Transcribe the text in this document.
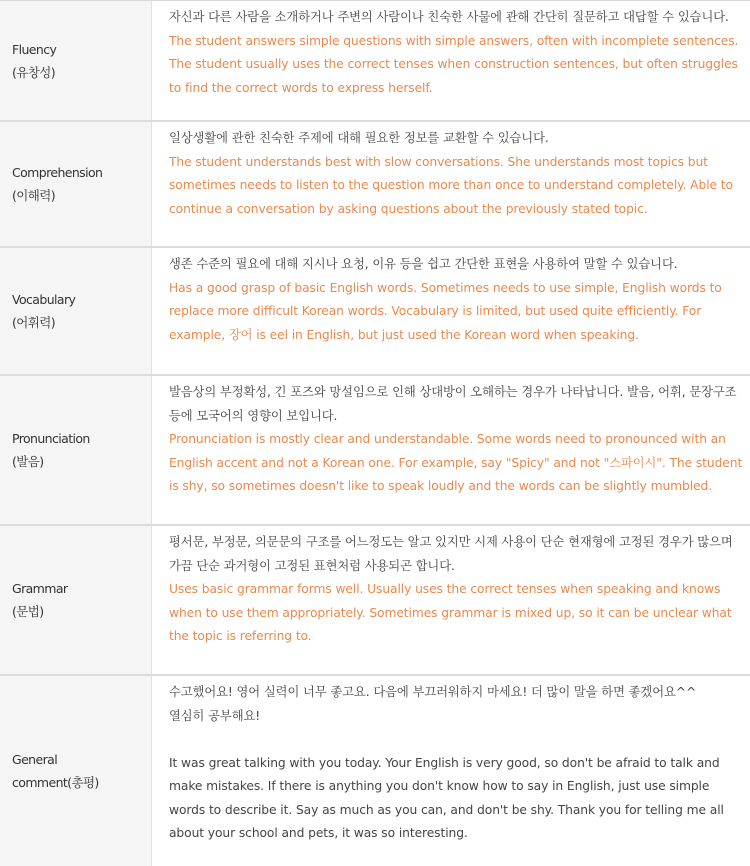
Fluency
(유창성)

자신과 다른 사람을 소개하거나 주변의 사람이나 친숙한 사물에 관해 간단히 질문하고 대답할 수 있습니다.

The student answers simple questions with simple answers, often with incomplete sentences. The student usually uses the correct tenses when construction sentences, but often struggles to find the correct words to express herself.

Comprehension
(이해력)

일상생활에 관한 친숙한 주제에 대해 필요한 정보를 교환할 수 있습니다.

The student understands best with slow conversations. She understands most topics but sometimes needs to listen to the question more than once to understand completely. Able to continue a conversation by asking questions about the previously stated topic.

Vocabulary
(어휘력)

생존 수준의 필요에 대해 지시나 요청, 이유 등을 쉽고 간단한 표현을 사용하여 말할 수 있습니다.

Has a good grasp of basic English words. Sometimes needs to use simple, English words to replace more difficult Korean words. Vocabulary is limited, but used quite efficiently. For example, 장어 is eel in English, but just used the Korean word when speaking.

Pronunciation
(발음)

발음상의 부정확성, 긴 포즈와 망설임으로 인해 상대방이 오해하는 경우가 나타납니다. 발음, 어휘, 문장구조 등에 모국어의 영향이 보입니다.

Pronunciation is mostly clear and understandable. Some words need to pronounced with an English accent and not a Korean one. For example, say "Spicy" and not "스파이시". The student is shy, so sometimes doesn't like to speak loudly and the words can be slightly mumbled.

Grammar
(문법)

평서문, 부정문, 의문문의 구조를 어느정도는 알고 있지만 시제 사용이 단순 현재형에 고정된 경우가 많으며 가끔 단순 과거형이 고정된 표현처럼 사용되곤 합니다.

Uses basic grammar forms well. Usually uses the correct tenses when speaking and knows when to use them appropriately. Sometimes grammar is mixed up, so it can be unclear what the topic is referring to.

General
comment(총평)

수고했어요! 영어 실력이 너무 좋고요. 다음에 부끄러워하지 마세요! 더 많이 말을 하면 좋겠어요^^

열심히 공부해요!

It was great talking with you today. Your English is very good, so don't be afraid to talk and make mistakes. If there is anything you don't know how to say in English, just use simple words to describe it. Say as much as you can, and don't be shy. Thank you for telling me all about your school and pets, it was so interesting.
